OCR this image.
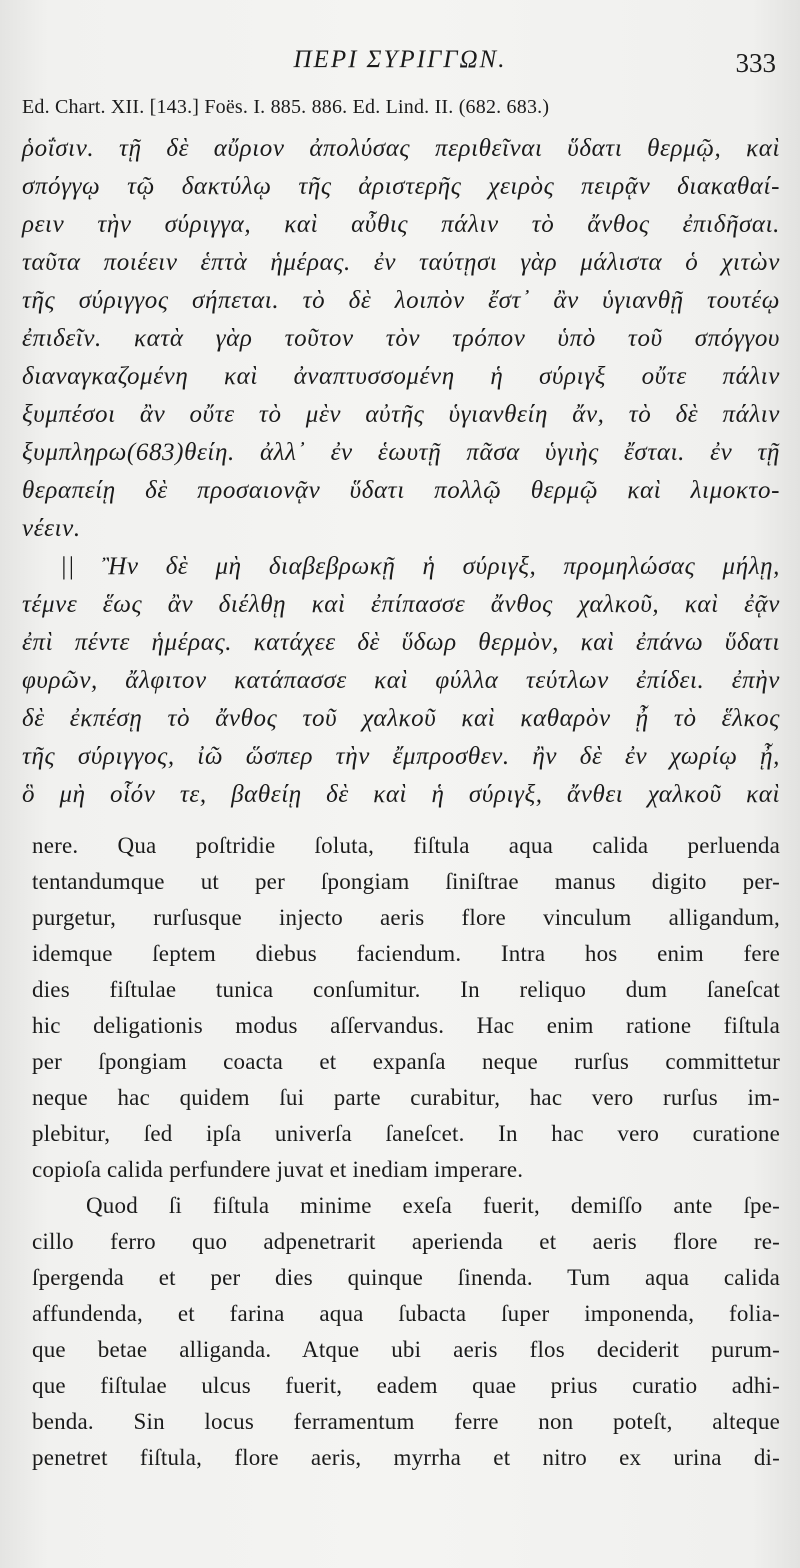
ΠΕΡΙ ΣΥΡΙΓΓΩΝ.	333
Ed. Chart. XII. [143.] Foës. I. 885. 886. Ed. Lind. II. (682. 683.)
ῥοΐσιν. τῇ δὲ αὔριον ἀπολύσας περιθεῖναι ὕδατι θερμῷ, καὶ
σπόγγῳ τῷ δακτύλῳ τῆς ἀριστερῆς χειρὸς πειρᾷν διακαθαί-
ρειν τὴν σύριγγα, καὶ αὖθις πάλιν τὸ ἄνθος ἐπιδῆσαι.
ταῦτα ποιέειν ἑπτὰ ἡμέρας. ἐν ταύτῃσι γὰρ μάλιστα ὁ χιτὼν
τῆς σύριγγος σήπεται. τὸ δὲ λοιπὸν ἔστ᾽ ἂν ὑγιανθῇ τουτέῳ
ἐπιδεῖν. κατὰ γὰρ τοῦτον τὸν τρόπον ὑπὸ τοῦ σπόγγου
διαναγκαζομένη καὶ ἀναπτυσσομένη ἡ σύριγξ οὔτε πάλιν
ξυμπέσοι ἂν οὔτε τὸ μὲν αὐτῆς ὑγιανθείη ἄν, τὸ δὲ πάλιν
ξυμπληρω(683)θείη. ἀλλ᾽ ἐν ἑωυτῇ πᾶσα ὑγιὴς ἔσται. ἐν τῇ
θεραπείῃ δὲ προσαιονᾷν ὕδατι πολλῷ θερμῷ καὶ λιμοκτο-
νέειν.
|| Ἢν δὲ μὴ διαβεβρωκῇ ἡ σύριγξ, προμηλώσας μήλῃ,
τέμνε ἕως ἂν διέλθῃ καὶ ἐπίπασσε ἄνθος χαλκοῦ, καὶ ἐᾷν
ἐπὶ πέντε ἡμέρας. κατάχεε δὲ ὕδωρ θερμὸν, καὶ ἐπάνω ὕδατι
φυρῶν, ἄλφιτον κατάπασσε καὶ φύλλα τεύτλων ἐπίδει. ἐπὴν
δὲ ἐκπέσῃ τὸ ἄνθος τοῦ χαλκοῦ καὶ καθαρὸν ᾖ τὸ ἕλκος
τῆς σύριγγος, ἰῶ ὥσπερ τὴν ἔμπροσθεν. ἢν δὲ ἐν χωρίῳ ᾖ,
ὃ μὴ οἷόν τε, βαθείῃ δὲ καὶ ἡ σύριγξ, ἄνθει χαλκοῦ καὶ
nere. Qua poſtridie ſoluta, fiſtula aqua calida perluenda
tentandumque ut per ſpongiam ſiniſtrae manus digito per-
purgetur, rurſusque injecto aeris flore vinculum alligandum,
idemque ſeptem diebus faciendum. Intra hos enim fere
dies fiſtulae tunica conſumitur. In reliquo dum ſaneſcat
hic deligationis modus aſſervandus. Hac enim ratione fiſtula
per ſpongiam coacta et expanſa neque rurſus committetur
neque hac quidem ſui parte curabitur, hac vero rurſus im-
plebitur, ſed ipſa univerſa ſaneſcet. In hac vero curatione
copioſa calida perfundere juvat et inediam imperare.
Quod ſi fiſtula minime exeſa fuerit, demiſſo ante ſpe-
cillo ferro quo adpenetrarit aperienda et aeris flore re-
ſpergenda et per dies quinque ſinenda. Tum aqua calida
affundenda, et farina aqua ſubacta ſuper imponenda, folia-
que betae alliganda. Atque ubi aeris flos deciderit purum-
que fiſtulae ulcus fuerit, eadem quae prius curatio adhi-
benda. Sin locus ferramentum ferre non poteſt, alteque
penetret fiſtula, flore aeris, myrrha et nitro ex urina di-
